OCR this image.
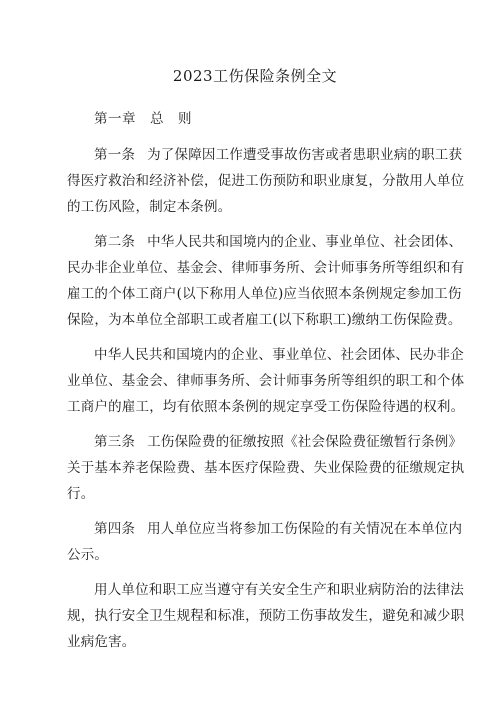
2023工伤保险条例全文
第一章 总 则
第一条 为了保障因工作遭受事故伤害或者患职业病的职工获
得医疗救治和经济补偿，促进工伤预防和职业康复，分散用人单位
的工伤风险，制定本条例。
第二条 中华人民共和国境内的企业、事业单位、社会团体、
民办非企业单位、基金会、律师事务所、会计师事务所等组织和有
雇工的个体工商户(以下称用人单位)应当依照本条例规定参加工伤
保险，为本单位全部职工或者雇工(以下称职工)缴纳工伤保险费。
中华人民共和国境内的企业、事业单位、社会团体、民办非企
业单位、基金会、律师事务所、会计师事务所等组织的职工和个体
工商户的雇工，均有依照本条例的规定享受工伤保险待遇的权利。
第三条 工伤保险费的征缴按照《社会保险费征缴暂行条例》
关于基本养老保险费、基本医疗保险费、失业保险费的征缴规定执
行。
第四条 用人单位应当将参加工伤保险的有关情况在本单位内
公示。
用人单位和职工应当遵守有关安全生产和职业病防治的法律法
规，执行安全卫生规程和标准，预防工伤事故发生，避免和减少职
业病危害。
